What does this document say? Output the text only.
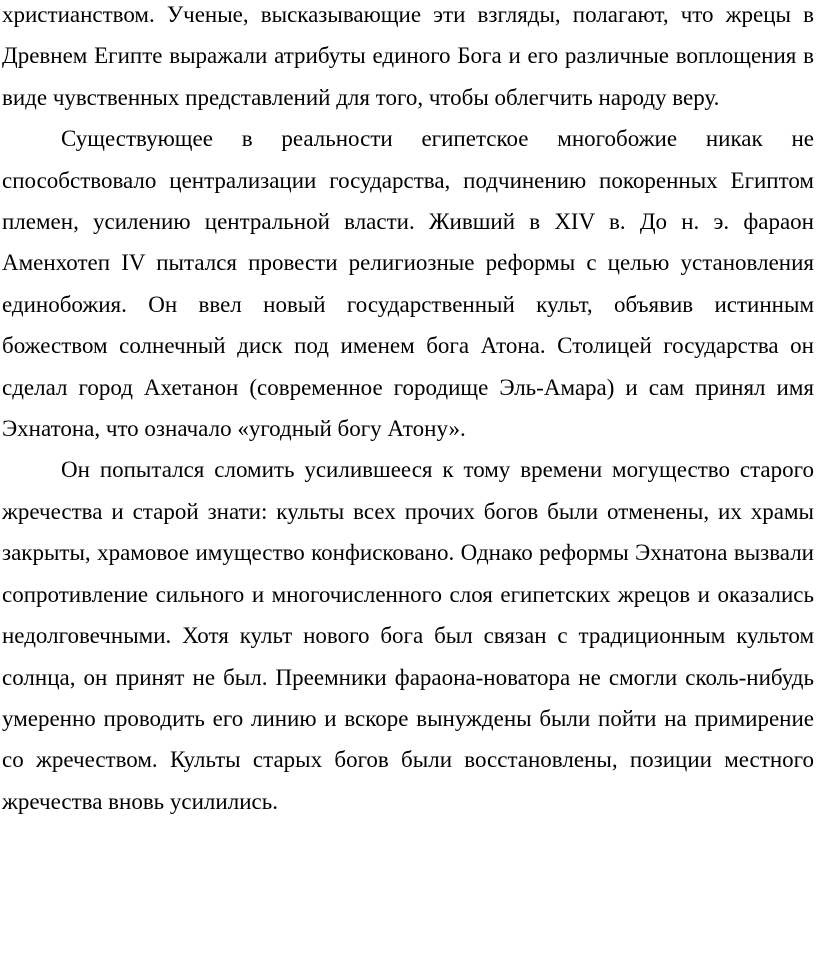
христианством. Ученые, высказывающие эти взгляды, полагают, что жрецы в Древнем Египте выражали атрибуты единого Бога и его различные воплощения в виде чувственных представлений для того, чтобы облегчить народу веру.

Существующее в реальности египетское многобожие никак не способствовало централизации государства, подчинению покоренных Египтом племен, усилению центральной власти. Живший в XIV в. До н. э. фараон Аменхотеп IV пытался провести религиозные реформы с целью установления единобожия. Он ввел новый государственный культ, объявив истинным божеством солнечный диск под именем бога Атона. Столицей государства он сделал город Ахетанон (современное городище Эль-Амара) и сам принял имя Эхнатона, что означало «угодный богу Атону».

Он попытался сломить усилившееся к тому времени могущество старого жречества и старой знати: культы всех прочих богов были отменены, их храмы закрыты, храмовое имущество конфисковано. Однако реформы Эхнатона вызвали сопротивление сильного и многочисленного слоя египетских жрецов и оказались недолговечными. Хотя культ нового бога был связан с традиционным культом солнца, он принят не был. Преемники фараона-новатора не смогли сколь-нибудь умеренно проводить его линию и вскоре вынуждены были пойти на примирение со жречеством. Культы старых богов были восстановлены, позиции местного жречества вновь усилились.
